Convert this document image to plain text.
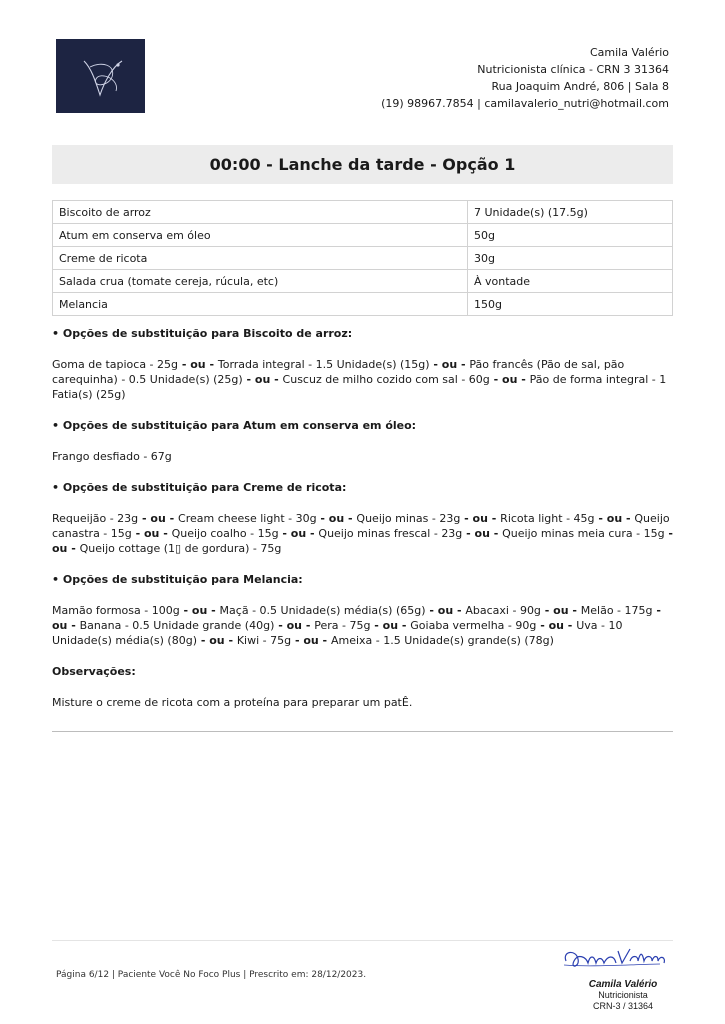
Camila Valério
Nutricionista clínica - CRN 3 31364
Rua Joaquim André, 806 | Sala 8
(19) 98967.7854 | camilavalerio_nutri@hotmail.com
00:00 - Lanche da tarde - Opção 1
Biscoito de arroz	7 Unidade(s) (17.5g)
Atum em conserva em óleo	50g
Creme de ricota	30g
Salada crua (tomate cereja, rúcula, etc)	À vontade
Melancia	150g
• Opções de substituição para Biscoito de arroz:
Goma de tapioca - 25g - ou - Torrada integral - 1.5 Unidade(s) (15g) - ou - Pão francês (Pão de sal, pão carequinha) - 0.5 Unidade(s) (25g) - ou - Cuscuz de milho cozido com sal - 60g - ou - Pão de forma integral - 1 Fatia(s) (25g)
• Opções de substituição para Atum em conserva em óleo:
Frango desfiado - 67g
• Opções de substituição para Creme de ricota:
Requeijão - 23g - ou - Cream cheese light - 30g - ou - Queijo minas - 23g - ou - Ricota light - 45g - ou - Queijo canastra - 15g - ou - Queijo coalho - 15g - ou - Queijo minas frescal - 23g - ou - Queijo minas meia cura - 15g - ou - Queijo cottage (1▯ de gordura) - 75g
• Opções de substituição para Melancia:
Mamão formosa - 100g - ou - Maçã - 0.5 Unidade(s) média(s) (65g) - ou - Abacaxi - 90g - ou - Melão - 175g - ou - Banana - 0.5 Unidade grande (40g) - ou - Pera - 75g - ou - Goiaba vermelha - 90g - ou - Uva - 10 Unidade(s) média(s) (80g) - ou - Kiwi - 75g - ou - Ameixa - 1.5 Unidade(s) grande(s) (78g)
Observações:
Misture o creme de ricota com a proteína para preparar um patÊ.
Página 6/12 | Paciente Você No Foco Plus | Prescrito em: 28/12/2023.
Camila Valério
Nutricionista
CRN-3 / 31364
